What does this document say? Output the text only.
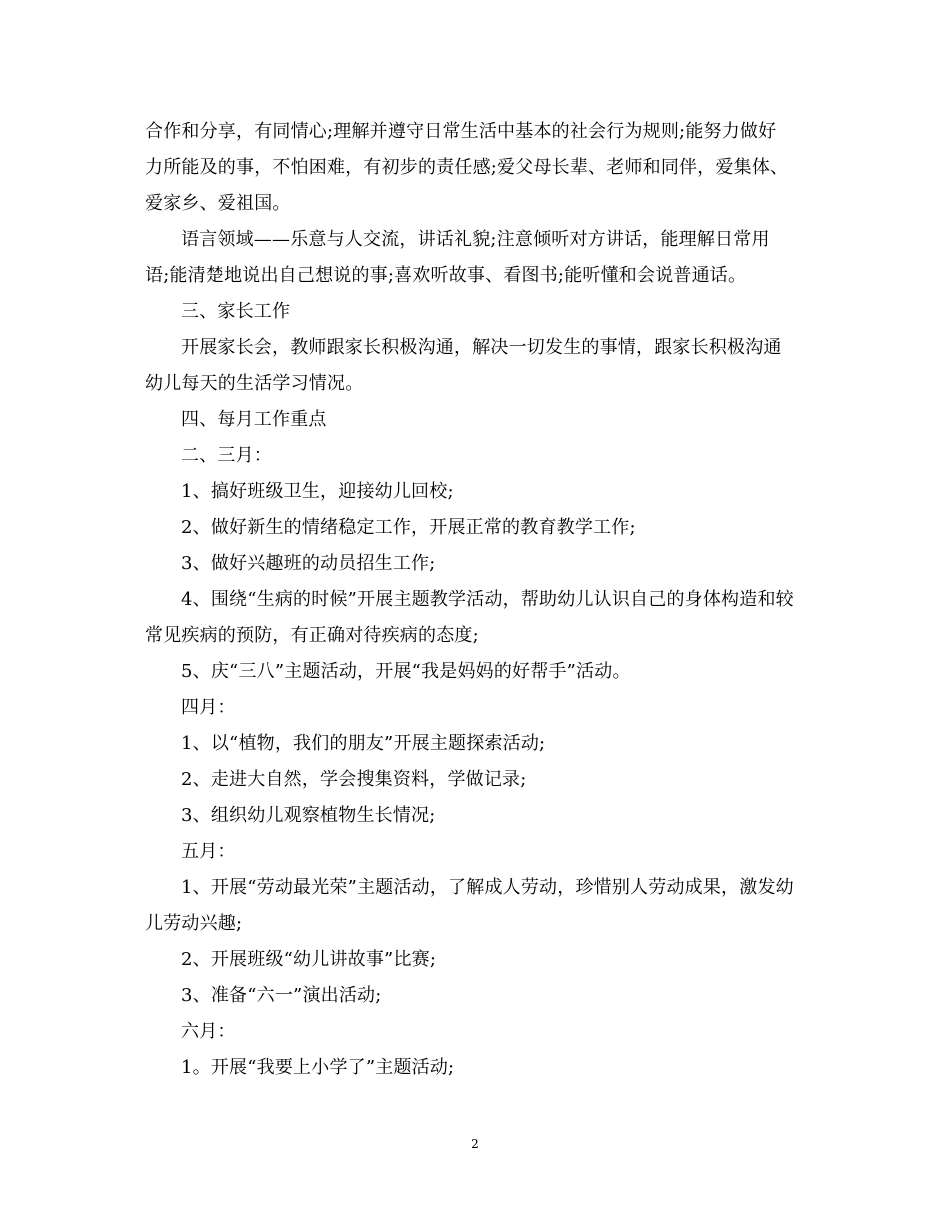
合作和分享，有同情心;理解并遵守日常生活中基本的社会行为规则;能努力做好

力所能及的事，不怕困难，有初步的责任感;爱父母长辈、老师和同伴，爱集体、

爱家乡、爱祖国。

语言领域——乐意与人交流，讲话礼貌;注意倾听对方讲话，能理解日常用

语;能清楚地说出自己想说的事;喜欢听故事、看图书;能听懂和会说普通话。

三、家长工作

开展家长会，教师跟家长积极沟通，解决一切发生的事情，跟家长积极沟通

幼儿每天的生活学习情况。

四、每月工作重点

二、三月：

1、搞好班级卫生，迎接幼儿回校;

2、做好新生的情绪稳定工作，开展正常的教育教学工作;

3、做好兴趣班的动员招生工作;

4、围绕“生病的时候”开展主题教学活动，帮助幼儿认识自己的身体构造和较

常见疾病的预防，有正确对待疾病的态度;

5、庆“三八”主题活动，开展“我是妈妈的好帮手”活动。

四月：

1、以“植物，我们的朋友”开展主题探索活动;

2、走进大自然，学会搜集资料，学做记录;

3、组织幼儿观察植物生长情况;

五月：

1、开展“劳动最光荣”主题活动，了解成人劳动，珍惜别人劳动成果，激发幼

儿劳动兴趣;

2、开展班级“幼儿讲故事”比赛;

3、准备“六一”演出活动;

六月：

1。开展“我要上小学了”主题活动;

2
